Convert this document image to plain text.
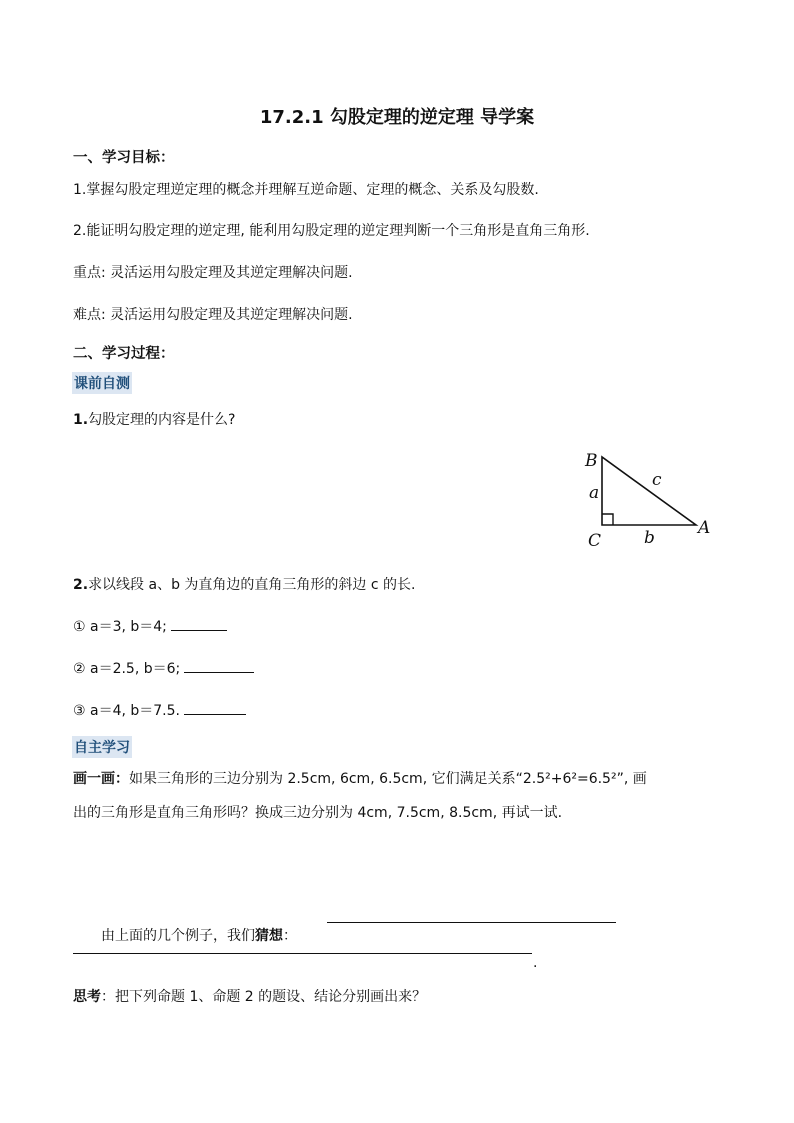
17.2.1 勾股定理的逆定理 导学案
一、学习目标：
1.掌握勾股定理逆定理的概念并理解互逆命题、定理的概念、关系及勾股数.
2.能证明勾股定理的逆定理, 能利用勾股定理的逆定理判断一个三角形是直角三角形.
重点: 灵活运用勾股定理及其逆定理解决问题.
难点: 灵活运用勾股定理及其逆定理解决问题.
二、学习过程：
课前自测
1.勾股定理的内容是什么?
B
A
C
a
b
c
2.求以线段 a、b 为直角边的直角三角形的斜边 c 的长.
① a＝3, b＝4;
② a＝2.5, b＝6;
③ a＝4, b＝7.5.
自主学习
画一画：如果三角形的三边分别为 2.5cm, 6cm, 6.5cm, 它们满足关系“2.5²+6²=6.5²”, 画
出的三角形是直角三角形吗？换成三边分别为 4cm, 7.5cm, 8.5cm, 再试一试.
由上面的几个例子，我们猜想：
.
思考：把下列命题 1、命题 2 的题设、结论分别画出来？
